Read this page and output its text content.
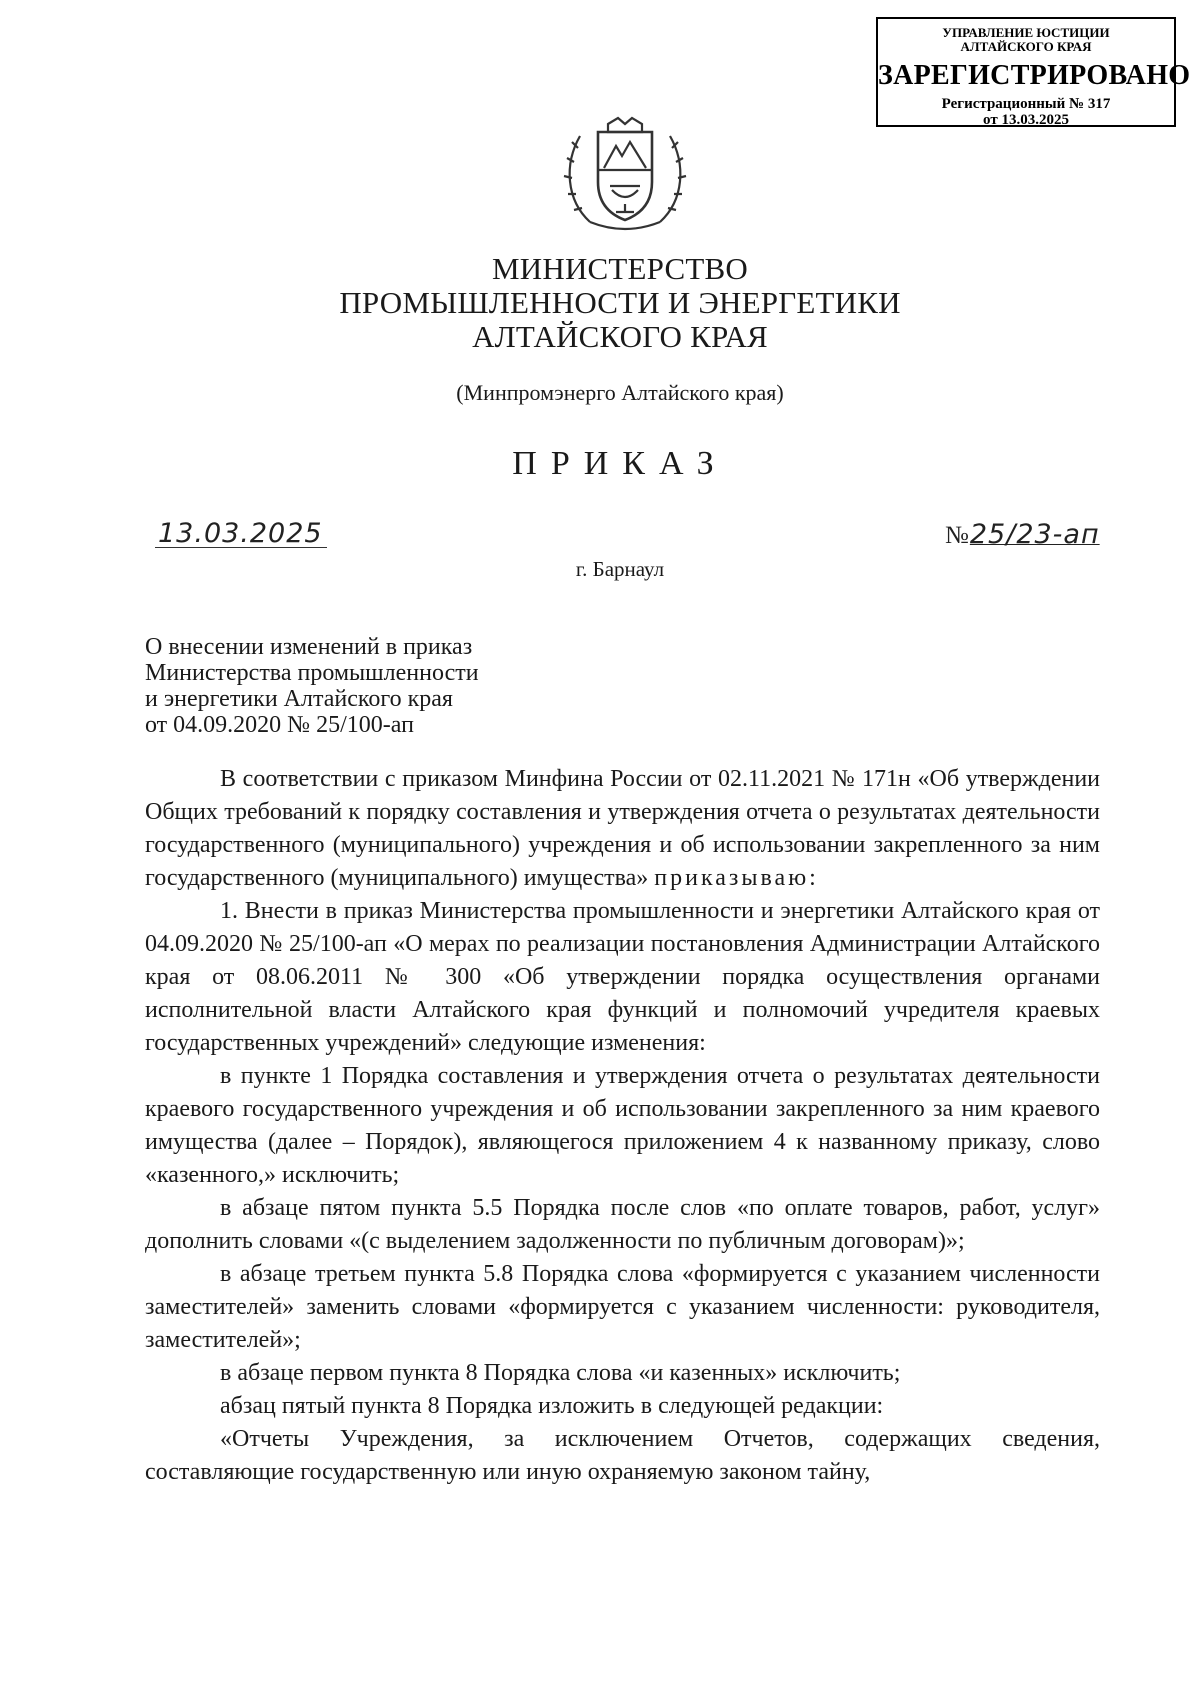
УПРАВЛЕНИЕ ЮСТИЦИИ
АЛТАЙСКОГО КРАЯ
ЗАРЕГИСТРИРОВАНО
Регистрационный № 317
от 13.03.2025
МИНИСТЕРСТВО
ПРОМЫШЛЕННОСТИ И ЭНЕРГЕТИКИ
АЛТАЙСКОГО КРАЯ
(Минпромэнерго Алтайского края)
ПРИКАЗ
13.03.2025	№25/23-ап
г. Барнаул
О внесении изменений в приказ
Министерства промышленности
и энергетики Алтайского края
от 04.09.2020 № 25/100-ап

В соответствии с приказом Минфина России от 02.11.2021 № 171н «Об утверждении Общих требований к порядку составления и утверждения отчета о результатах деятельности государственного (муниципального) учреждения и об использовании закрепленного за ним государственного (муниципального) имущества» приказываю:

1. Внести в приказ Министерства промышленности и энергетики Алтайского края от 04.09.2020 № 25/100-ап «О мерах по реализации постановления Администрации Алтайского края от 08.06.2011 № 300 «Об утверждении порядка осуществления органами исполнительной власти Алтайского края функций и полномочий учредителя краевых государственных учреждений» следующие изменения:

в пункте 1 Порядка составления и утверждения отчета о результатах деятельности краевого государственного учреждения и об использовании закрепленного за ним краевого имущества (далее – Порядок), являющегося приложением 4 к названному приказу, слово «казенного,» исключить;

в абзаце пятом пункта 5.5 Порядка после слов «по оплате товаров, работ, услуг» дополнить словами «(с выделением задолженности по публичным договорам)»;

в абзаце третьем пункта 5.8 Порядка слова «формируется с указанием численности заместителей» заменить словами «формируется с указанием численности: руководителя, заместителей»;

в абзаце первом пункта 8 Порядка слова «и казенных» исключить;

абзац пятый пункта 8 Порядка изложить в следующей редакции:

«Отчеты Учреждения, за исключением Отчетов, содержащих сведения, составляющие государственную или иную охраняемую законом тайну,
